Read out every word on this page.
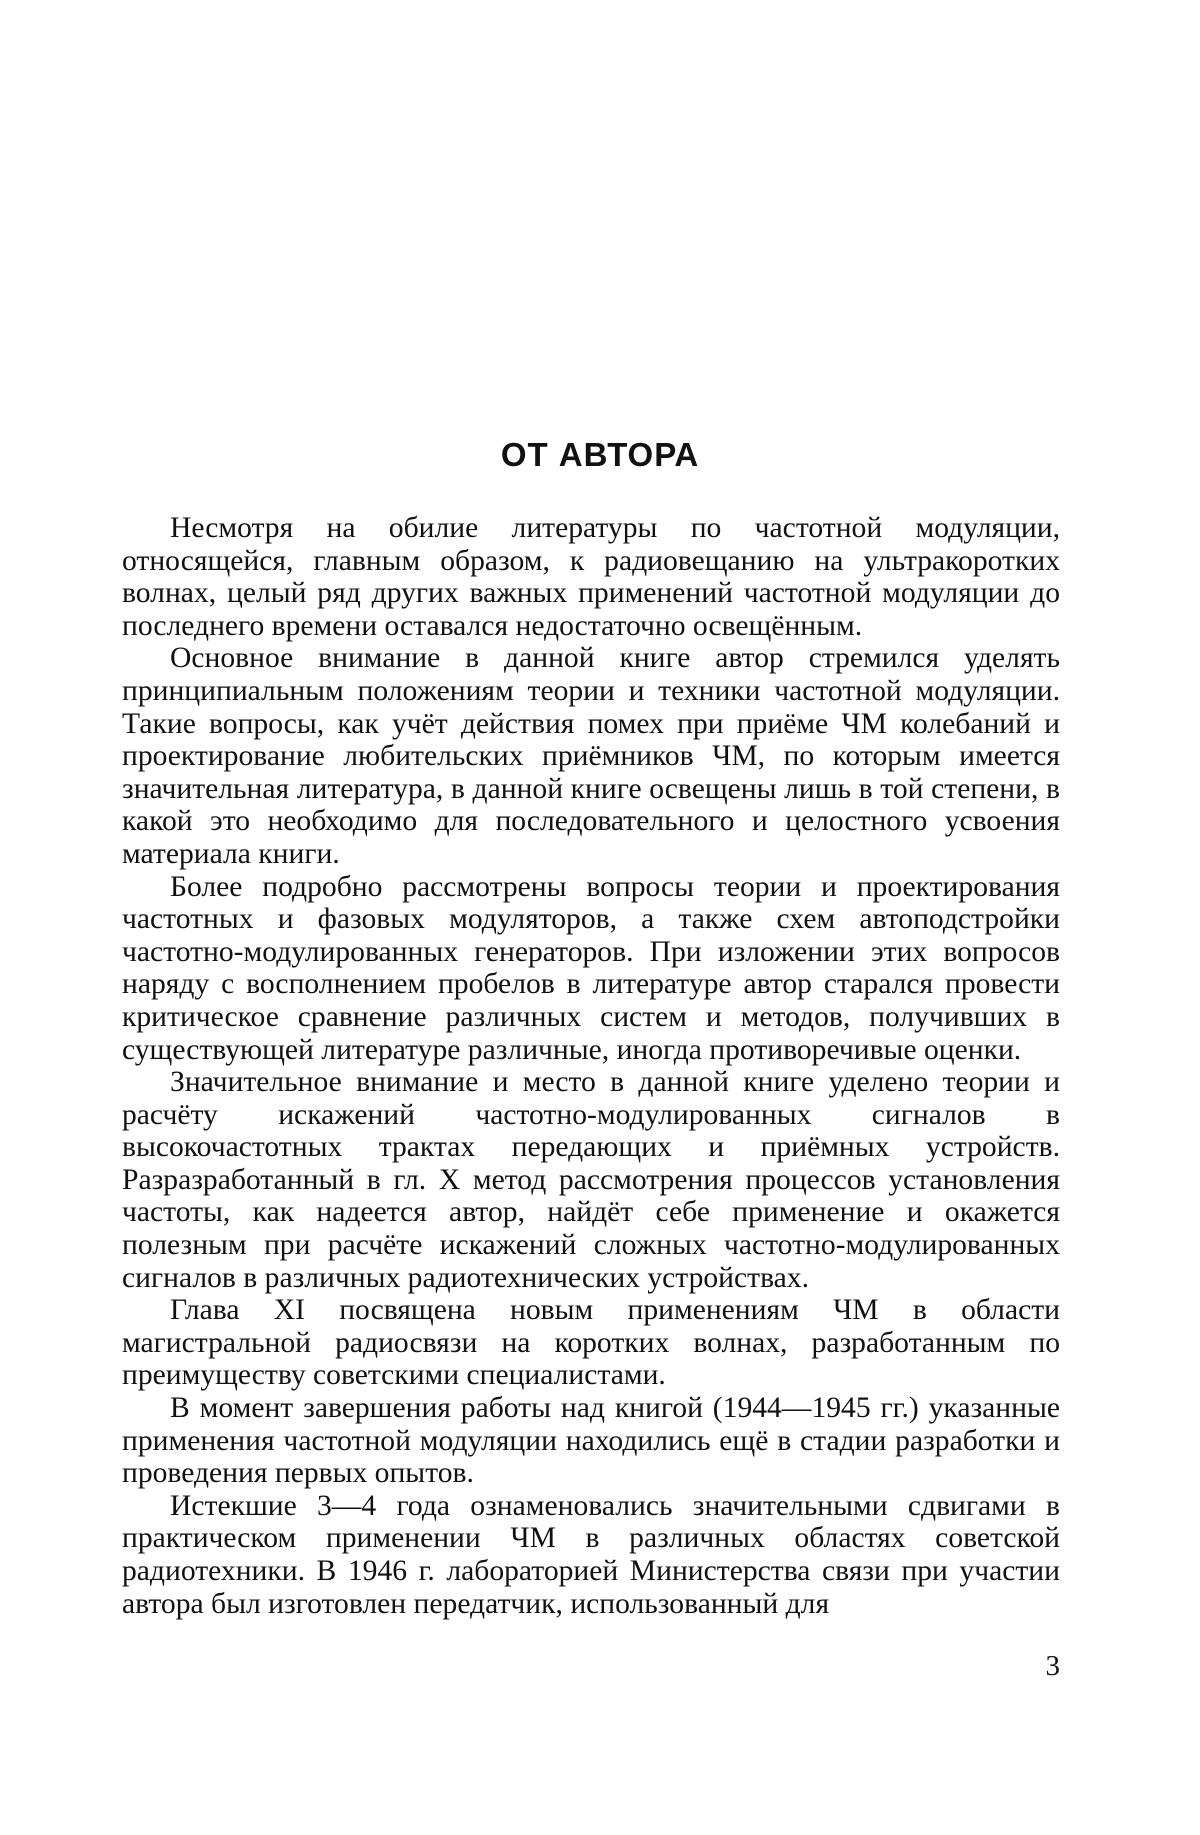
ОТ АВТОРА

Несмотря на обилие литературы по частотной модуляции, относящейся, главным образом, к радиовещанию на ультракоротких волнах, целый ряд других важных применений частотной модуляции до последнего времени оставался недостаточно освещённым.

Основное внимание в данной книге автор стремился уделять принципиальным положениям теории и техники частотной модуляции. Такие вопросы, как учёт действия помех при приёме ЧМ колебаний и проектирование любительских приёмников ЧМ, по которым имеется значительная литература, в данной книге освещены лишь в той степени, в какой это необходимо для последовательного и целостного усвоения материала книги.

Более подробно рассмотрены вопросы теории и проектирования частотных и фазовых модуляторов, а также схем автоподстройки частотно-модулированных генераторов. При изложении этих вопросов наряду с восполнением пробелов в литературе автор старался провести критическое сравнение различных систем и методов, получивших в существующей литературе различные, иногда противоречивые оценки.

Значительное внимание и место в данной книге уделено теории и расчёту искажений частотно-модулированных сигналов в высокочастотных трактах передающих и приёмных устройств. Разразработанный в гл. X метод рассмотрения процессов установления частоты, как надеется автор, найдёт себе применение и окажется полезным при расчёте искажений сложных частотно-модулированных сигналов в различных радиотехнических устройствах.

Глава XI посвящена новым применениям ЧМ в области магистральной радиосвязи на коротких волнах, разработанным по преимуществу советскими специалистами.

В момент завершения работы над книгой (1944—1945 гг.) указанные применения частотной модуляции находились ещё в стадии разработки и проведения первых опытов.

Истекшие 3—4 года ознаменовались значительными сдвигами в практическом применении ЧМ в различных областях советской радиотехники. В 1946 г. лабораторией Министерства связи при участии автора был изготовлен передатчик, использованный для

3
